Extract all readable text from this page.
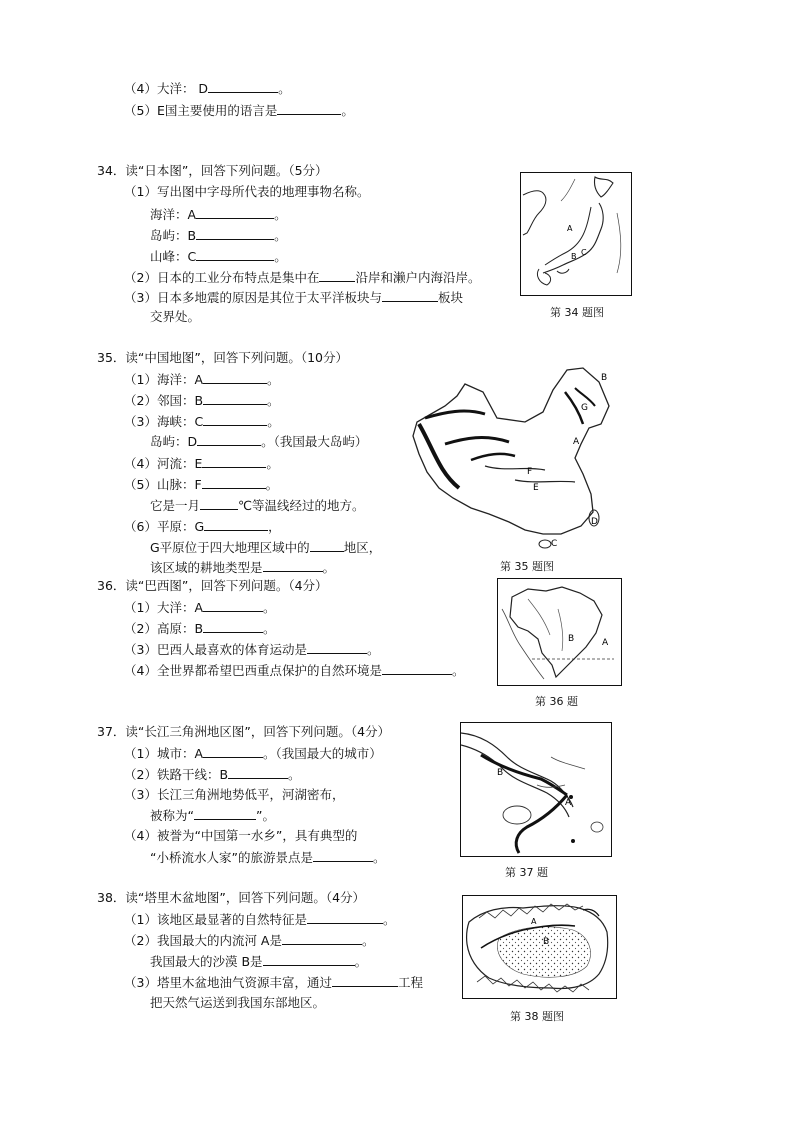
（4）大洋： D	。
（5）E国主要使用的语言是	。
34．读“日本图”，回答下列问题。（5分）
（1）写出图中字母所代表的地理事物名称。
海洋：A	。
岛屿：B	。
山峰：C	。
（2）日本的工业分布特点是集中在	沿岸和濑户内海沿岸。
（3）日本多地震的原因是其位于太平洋板块与	板块
交界处。
A
B C
第 34 题图
35．读“中国地图”，回答下列问题。（10分）
（1）海洋：A	。
（2）邻国：B	。
（3）海峡：C	。
岛屿：D	。（我国最大岛屿）
（4）河流：E	。
（5）山脉：F	。
它是一月	℃等温线经过的地方。
（6）平原：G	，
G平原位于四大地理区域中的	地区，
该区域的耕地类型是	。
B
G
A
F
E
D
C
第 35 题图
36．读“巴西图”，回答下列问题。（4分）
（1）大洋：A	。
（2）高原：B	。
（3）巴西人最喜欢的体育运动是	。
（4）全世界都希望巴西重点保护的自然环境是	。
B	A
第 36 题
37．读“长江三角洲地区图”，回答下列问题。（4分）
（1）城市：A	。（我国最大的城市）
（2）铁路干线：B	。
（3）长江三角洲地势低平，河湖密布，
被称为“	”。
（4）被誉为“中国第一水乡”，具有典型的
“小桥流水人家”的旅游景点是	。
B
A
第 37 题
38．读“塔里木盆地图”，回答下列问题。（4分）
（1）该地区最显著的自然特征是	。
（2）我国最大的内流河 A是	。
我国最大的沙漠 B是	。
（3）塔里木盆地油气资源丰富，通过	工程
把天然气运送到我国东部地区。
A
B
第 38 题图
